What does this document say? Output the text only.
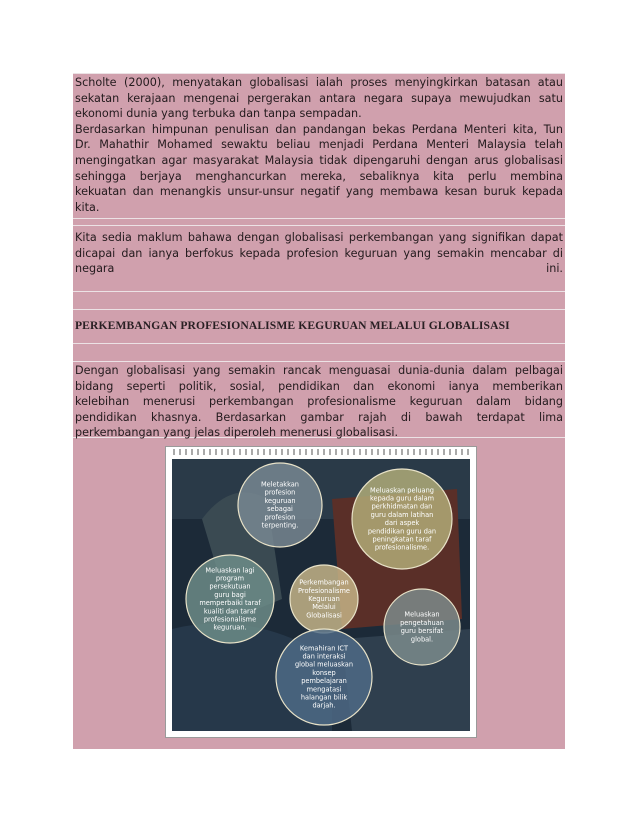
Scholte (2000), menyatakan globalisasi ialah proses menyingkirkan batasan atau
sekatan kerajaan mengenai pergerakan antara negara supaya mewujudkan satu
ekonomi dunia yang terbuka dan tanpa sempadan.
Berdasarkan himpunan penulisan dan pandangan bekas Perdana Menteri kita, Tun
Dr. Mahathir Mohamed sewaktu beliau menjadi Perdana Menteri Malaysia telah
mengingatkan agar masyarakat Malaysia tidak dipengaruhi dengan arus globalisasi
sehingga berjaya menghancurkan mereka, sebaliknya kita perlu membina
kekuatan dan menangkis unsur-unsur negatif yang membawa kesan buruk kepada
kita.
Kita sedia maklum bahawa dengan globalisasi perkembangan yang signifikan dapat
dicapai dan ianya berfokus kepada profesion keguruan yang semakin mencabar di
negara ini.
PERKEMBANGAN PROFESIONALISME KEGURUAN MELALUI GLOBALISASI
Dengan globalisasi yang semakin rancak menguasai dunia-dunia dalam pelbagai
bidang seperti politik, sosial, pendidikan dan ekonomi ianya memberikan
kelebihan menerusi perkembangan profesionalisme keguruan dalam bidang
pendidikan khasnya. Berdasarkan gambar rajah di bawah terdapat lima
perkembangan yang jelas diperoleh menerusi globalisasi.
Meletakkan
profesion
keguruan
sebagai
profesion
terpenting.
Meluaskan peluang
kepada guru dalam
perkhidmatan dan
guru dalam latihan
dari aspek
pendidikan guru dan
peningkatan taraf
profesionalisme.
Meluaskan lagi
program
persekutuan
guru bagi
memperbaiki taraf
kualiti dan taraf
profesionalisme
keguruan.
Perkembangan
Profesionalisme
Keguruan
Melalui
Globalisasi	Meluaskan
pengetahuan
guru bersifat
global.
Kemahiran ICT
dan interaksi
global meluaskan
konsep
pembelajaran
mengatasi
halangan bilik
darjah.
